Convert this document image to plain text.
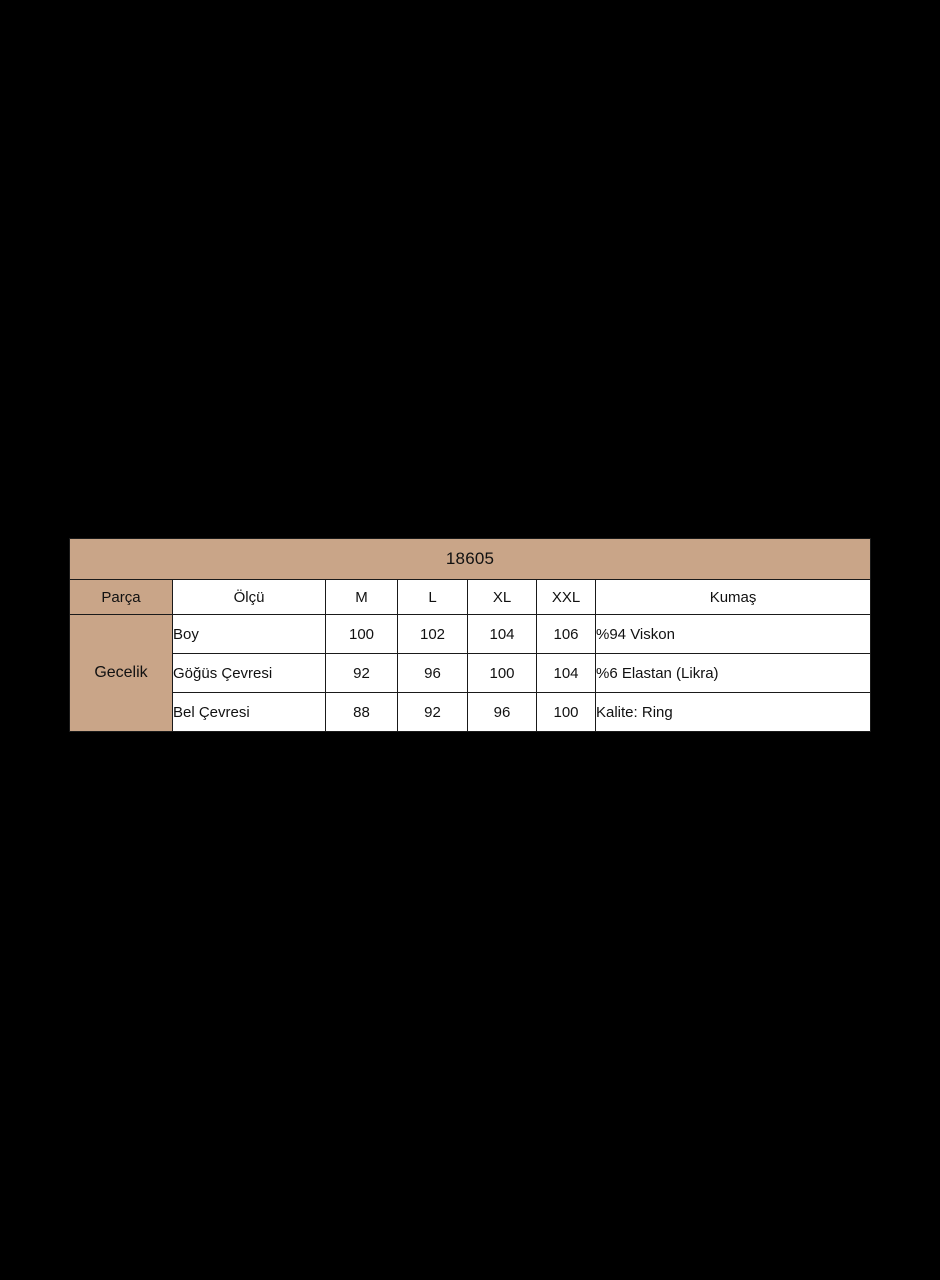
18605						
Parça	Ölçü	M	L	XL	XXL	Kumaş
Gecelik	Boy	100	102	104	106	%94 Viskon
	Göğüs Çevresi	92	96	100	104	%6 Elastan (Likra)
	Bel Çevresi	88	92	96	100	Kalite: Ring
